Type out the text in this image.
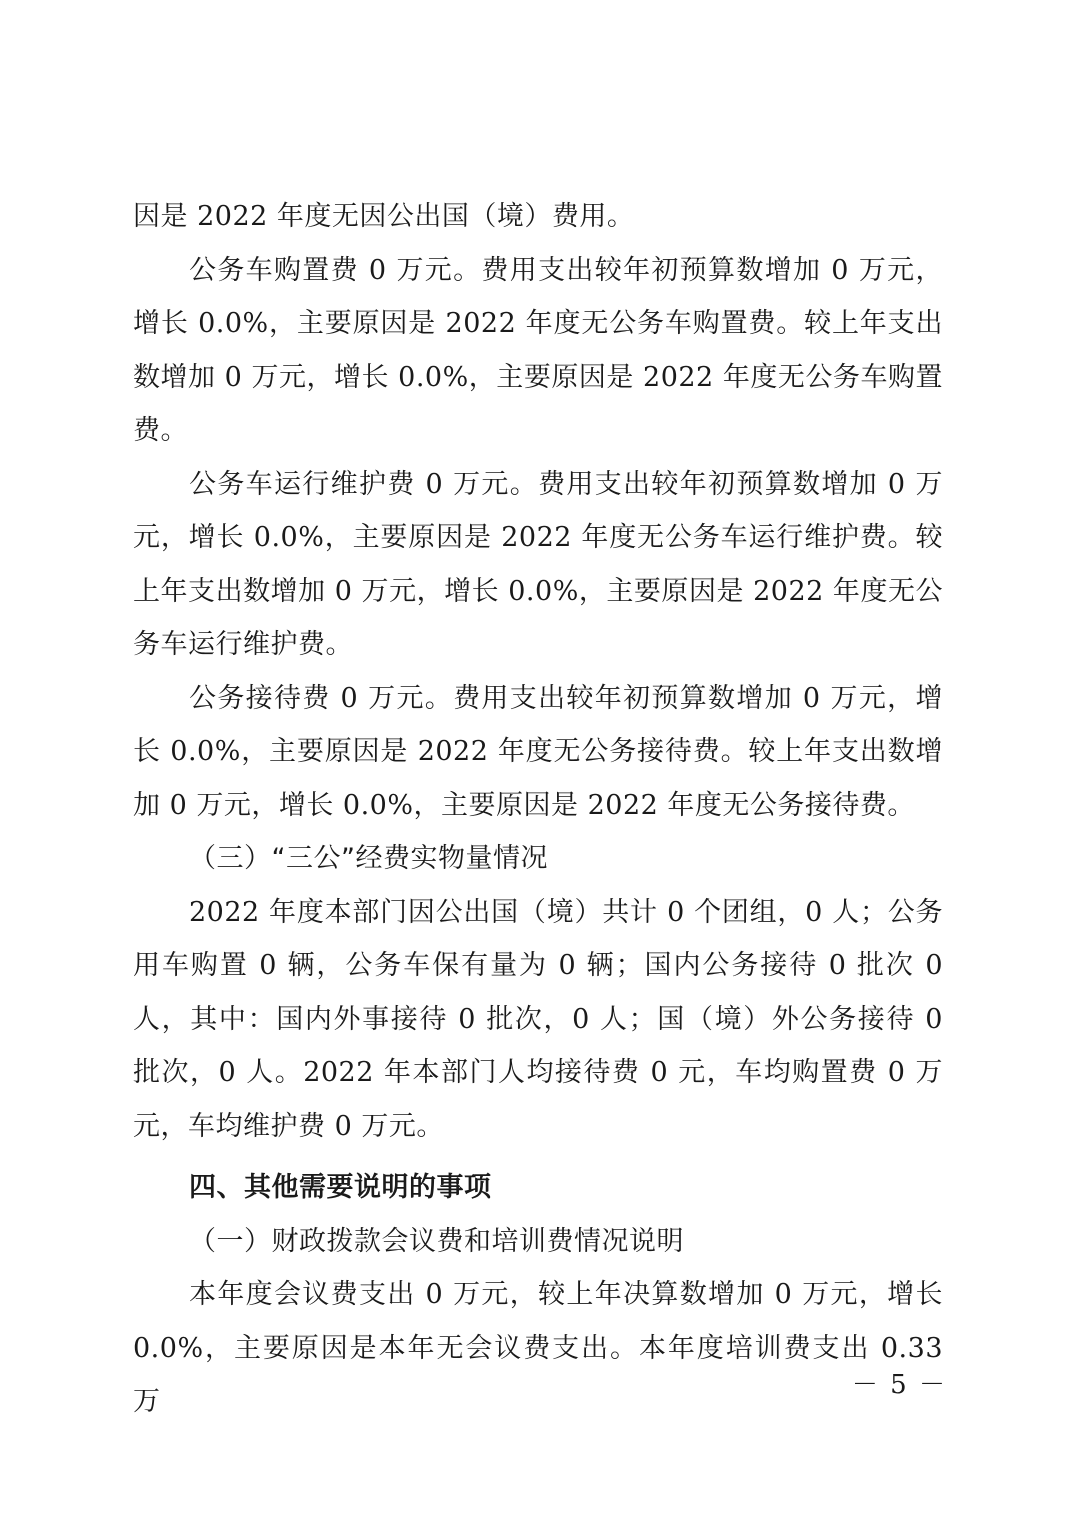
因是 2022 年度无因公出国（境）费用。

公务车购置费 0 万元。费用支出较年初预算数增加 0 万元，增长 0.0%，主要原因是 2022 年度无公务车购置费。较上年支出数增加 0 万元，增长 0.0%，主要原因是 2022 年度无公务车购置费。

公务车运行维护费 0 万元。费用支出较年初预算数增加 0 万元，增长 0.0%，主要原因是 2022 年度无公务车运行维护费。较上年支出数增加 0 万元，增长 0.0%，主要原因是 2022 年度无公务车运行维护费。

公务接待费 0 万元。费用支出较年初预算数增加 0 万元，增长 0.0%，主要原因是 2022 年度无公务接待费。较上年支出数增加 0 万元，增长 0.0%，主要原因是 2022 年度无公务接待费。

（三）“三公”经费实物量情况

2022 年度本部门因公出国（境）共计 0 个团组，0 人；公务用车购置 0 辆，公务车保有量为 0 辆；国内公务接待 0 批次 0 人，其中：国内外事接待 0 批次，0 人；国（境）外公务接待 0 批次，0 人。2022 年本部门人均接待费 0 元，车均购置费 0 万元，车均维护费 0 万元。

四、其他需要说明的事项

（一）财政拨款会议费和培训费情况说明

本年度会议费支出 0 万元，较上年决算数增加 0 万元，增长 0.0%，主要原因是本年无会议费支出。本年度培训费支出 0.33 万

－ 5 －
